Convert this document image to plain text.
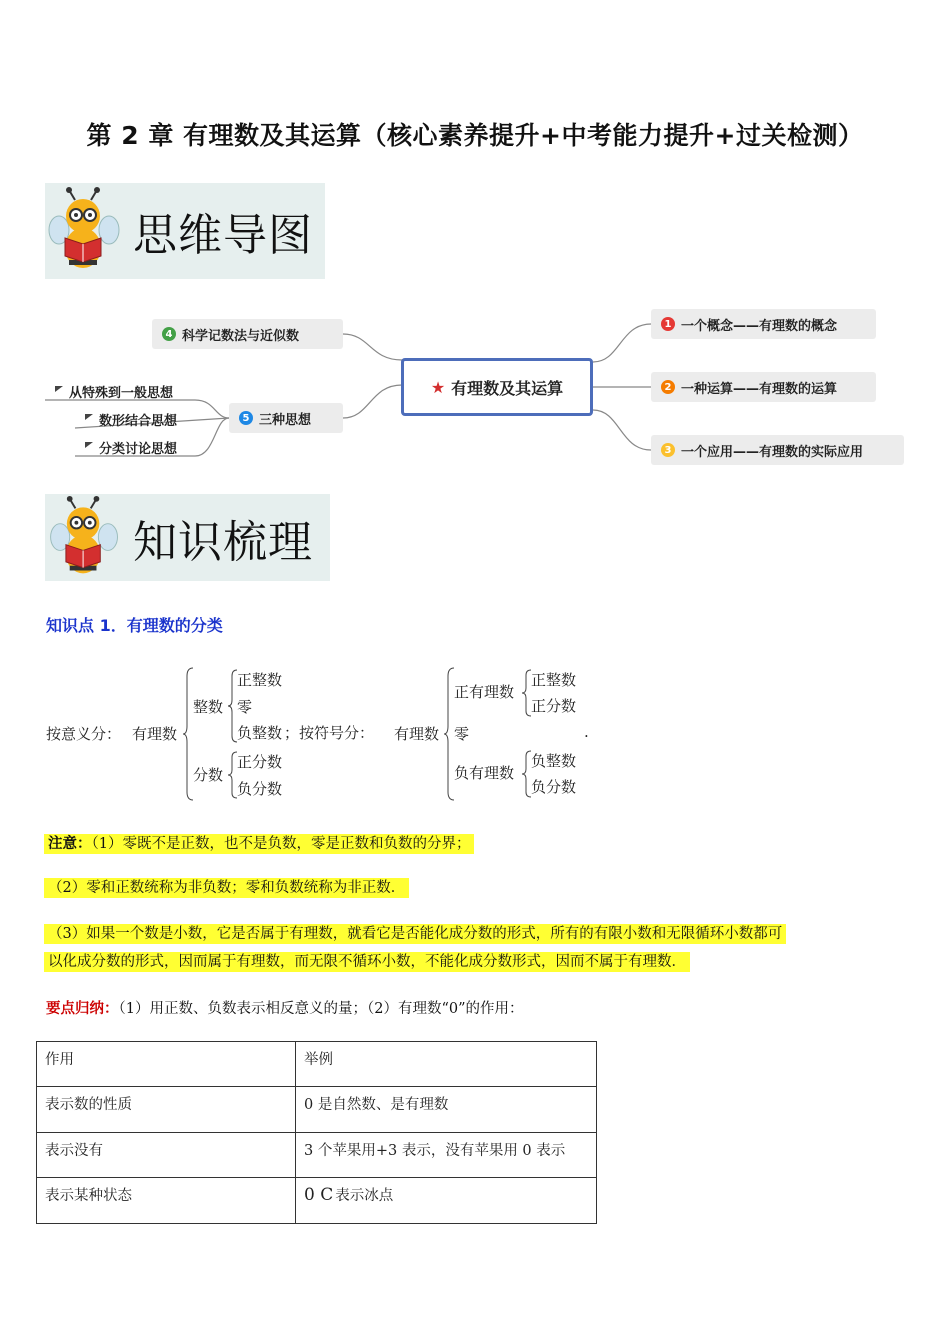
第 2 章 有理数及其运算（核心素养提升+中考能力提升+过关检测）
思维导图
★ 有理数及其运算
1 一个概念——有理数的概念
2 一种运算——有理数的运算
3 一个应用——有理数的实际应用
4 科学记数法与近似数
5 三种思想
从特殊到一般思想
数形结合思想
分类讨论思想
知识梳理
知识点 1．有理数的分类
按意义分： 有理数
整数
正整数
零
负整数 ；按符号分：
分数
正分数
负分数
有理数
正有理数
正整数
正分数
零	.
负有理数
负整数
负分数
注意：（1）零既不是正数，也不是负数，零是正数和负数的分界；
（2）零和正数统称为非负数；零和负数统称为非正数．
（3）如果一个数是小数，它是否属于有理数，就看它是否能化成分数的形式，所有的有限小数和无限循环小数都可
以化成分数的形式，因而属于有理数，而无限不循环小数，不能化成分数形式，因而不属于有理数．
要点归纳：（1）用正数、负数表示相反意义的量；（2）有理数“0”的作用：
作用	举例
表示数的性质	0 是自然数、是有理数
表示没有	3 个苹果用+3 表示，没有苹果用 0 表示
表示某种状态	0 C 表示冰点
